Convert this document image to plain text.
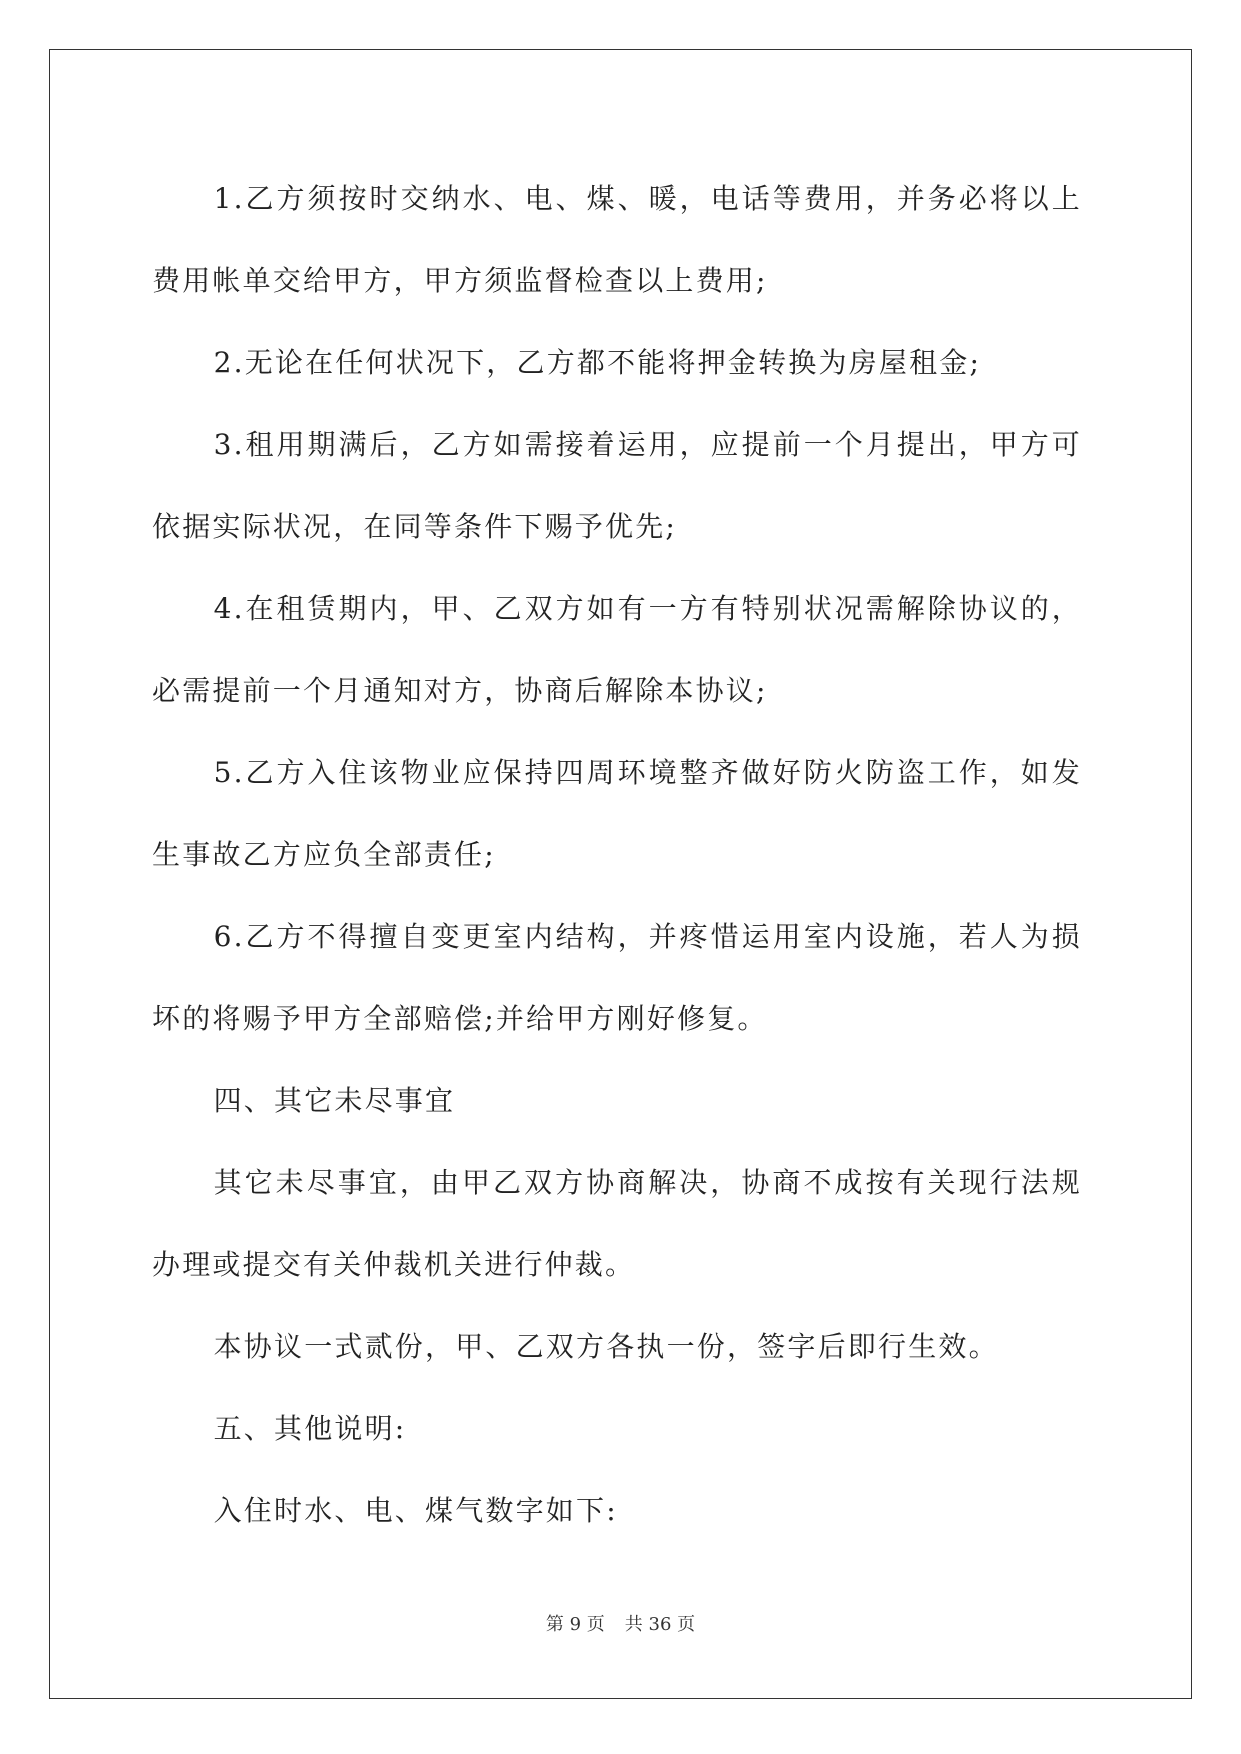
1.乙方须按时交纳水、电、煤、暖，电话等费用，并务必将以上费用帐单交给甲方，甲方须监督检查以上费用;

2.无论在任何状况下，乙方都不能将押金转换为房屋租金;

3.租用期满后，乙方如需接着运用，应提前一个月提出，甲方可依据实际状况，在同等条件下赐予优先;

4.在租赁期内，甲、乙双方如有一方有特别状况需解除协议的，必需提前一个月通知对方，协商后解除本协议;

5.乙方入住该物业应保持四周环境整齐做好防火防盗工作，如发生事故乙方应负全部责任;

6.乙方不得擅自变更室内结构，并疼惜运用室内设施，若人为损坏的将赐予甲方全部赔偿;并给甲方刚好修复。

四、其它未尽事宜

其它未尽事宜，由甲乙双方协商解决，协商不成按有关现行法规办理或提交有关仲裁机关进行仲裁。

本协议一式贰份，甲、乙双方各执一份，签字后即行生效。

五、其他说明:

入住时水、电、煤气数字如下:

第 9 页 共 36 页
